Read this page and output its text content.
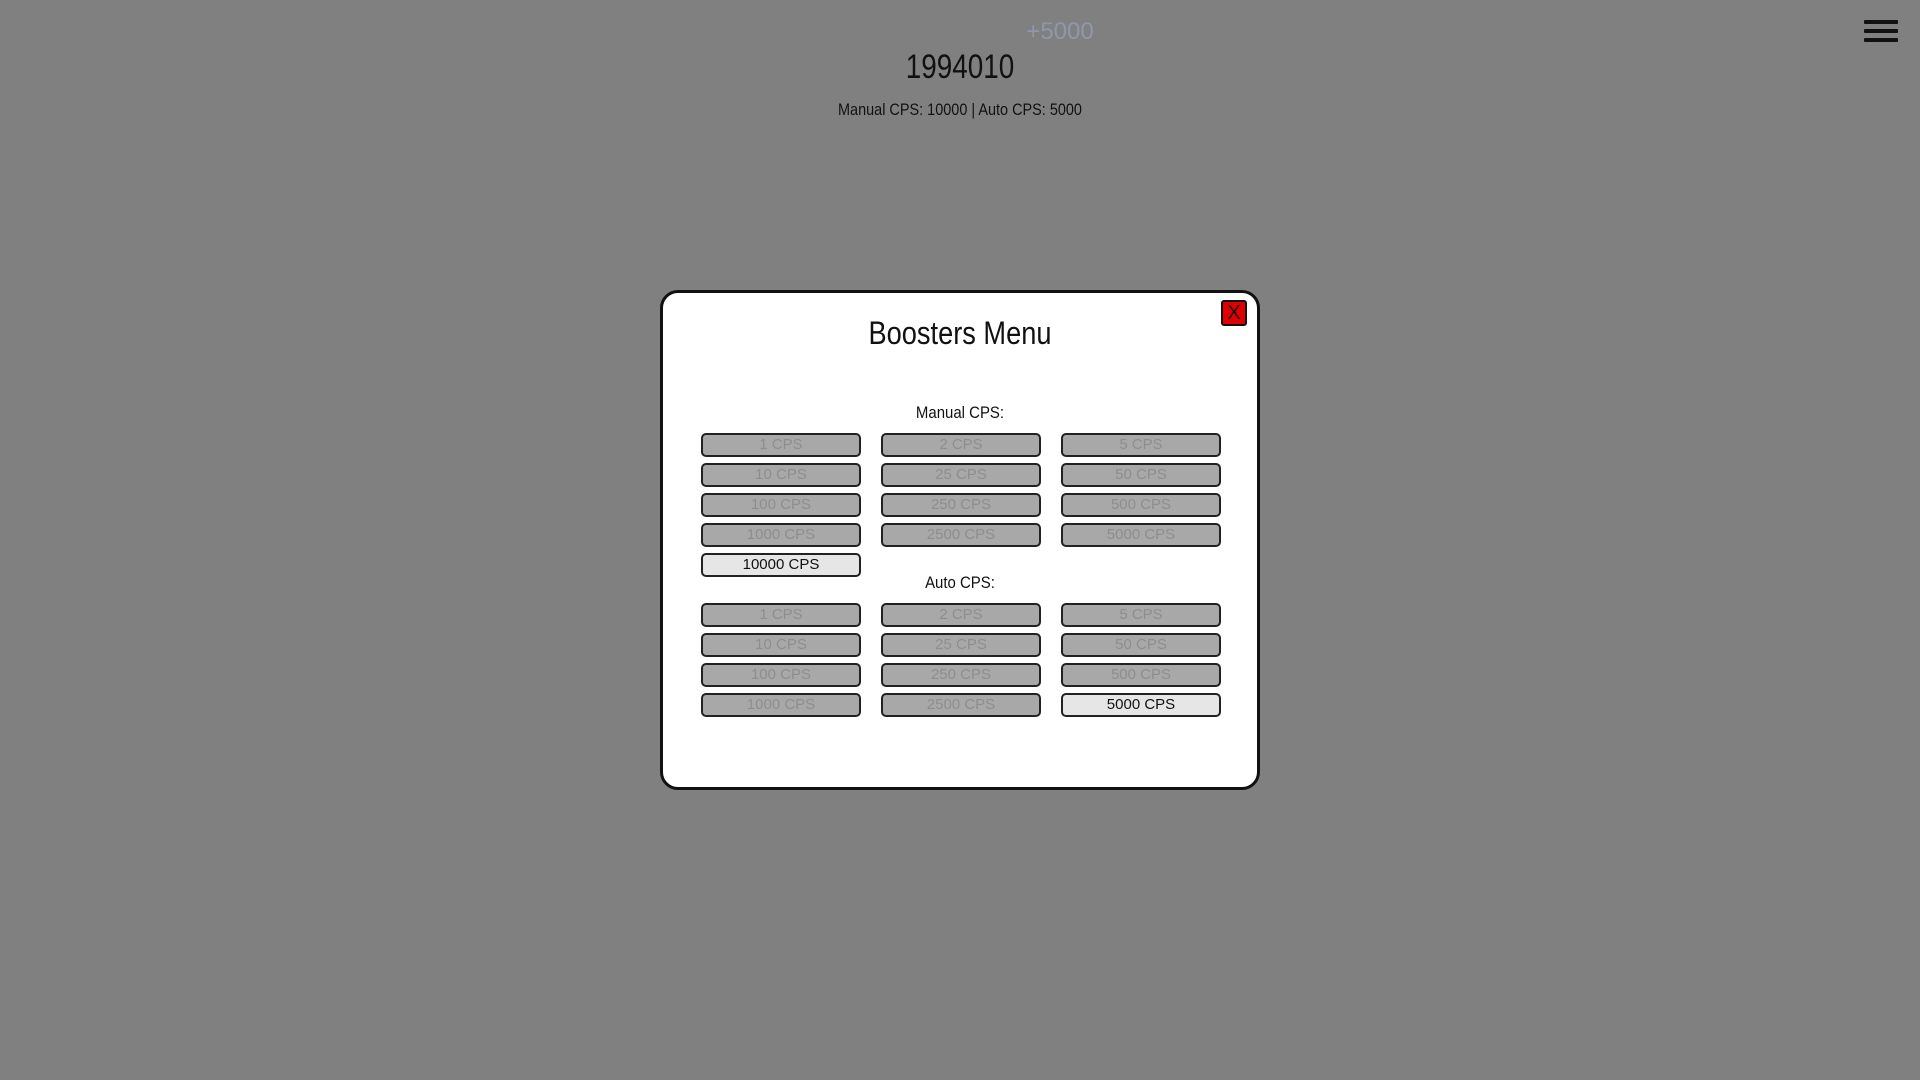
+5000
1994010
Manual CPS: 10000 | Auto CPS: 5000
Boosters Menu
X
Manual CPS:
1 CPS	2 CPS	5 CPS
10 CPS	25 CPS	50 CPS
100 CPS	250 CPS	500 CPS
1000 CPS	2500 CPS	5000 CPS
10000 CPS
Auto CPS:
1 CPS	2 CPS	5 CPS
10 CPS	25 CPS	50 CPS
100 CPS	250 CPS	500 CPS
1000 CPS	2500 CPS	5000 CPS
